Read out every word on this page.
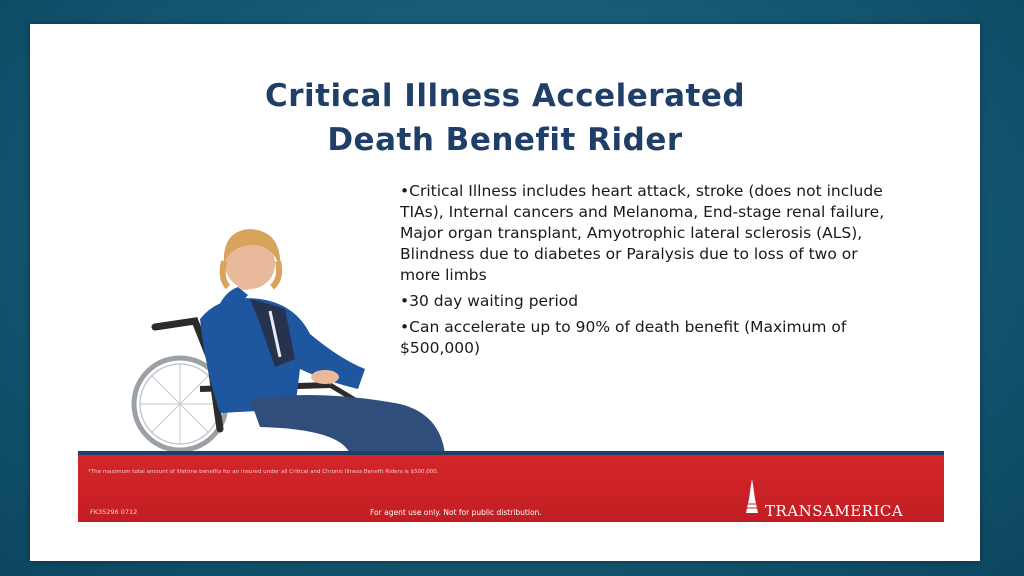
Critical Illness Accelerated
Death Benefit Rider
• Critical Illness includes heart attack, stroke (does not include TIAs), Internal cancers and Melanoma, End-stage renal failure, Major organ transplant, Amyotrophic lateral sclerosis (ALS), Blindness due to diabetes or Paralysis due to loss of two or more limbs
• 30 day waiting period
• Can accelerate up to 90% of death benefit (Maximum of $500,000)
*The maximum total amount of lifetime benefits for an insured under all Critical and Chronic Illness Benefit Riders is $500,000.
FK35296 0712	For agent use only. Not for public distribution.	TRANSAMERICA
